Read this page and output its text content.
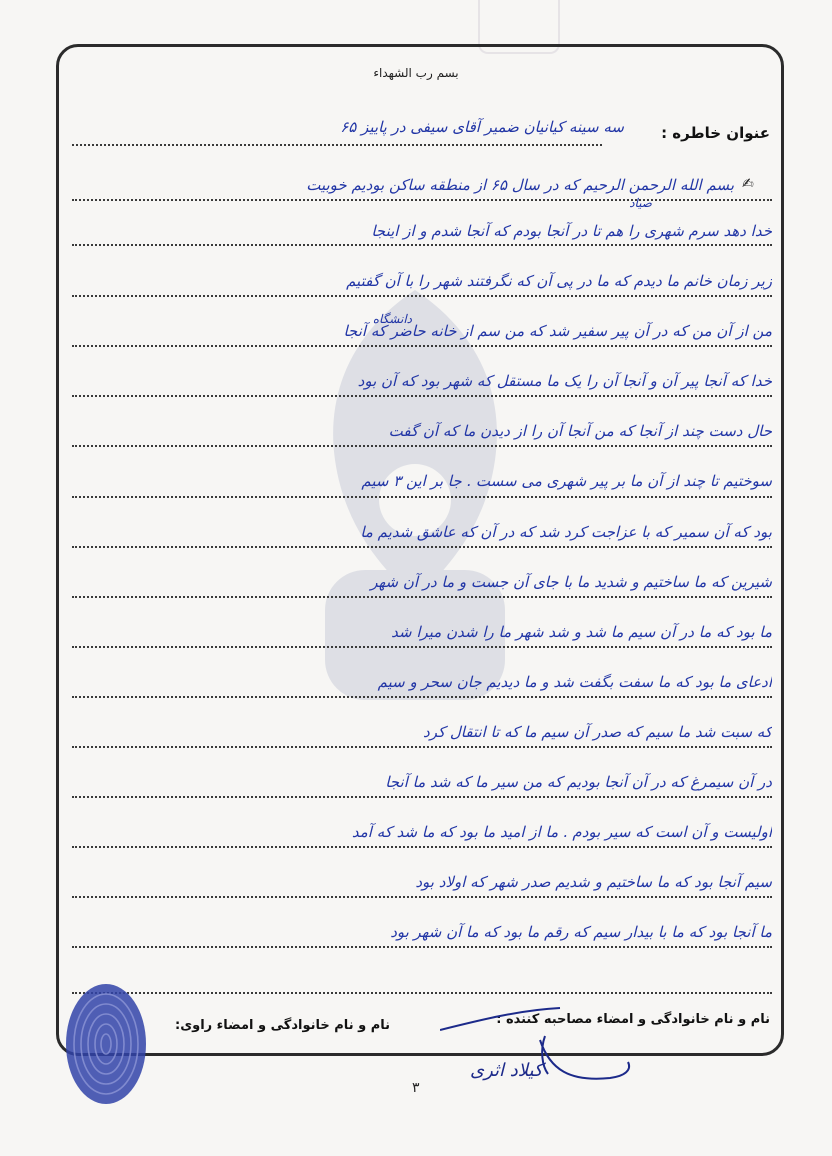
بسم رب الشهداء
عنوان خاطره :
سه سینه کیانیان ضمیر آقای سیفی در پاییز ۶۵
✍
بسم الله الرحمن الرحیم که در سال ۶۵ از منطقه ساکن بودیم خوبیت
صیاد
خدا دهد سرم شهری را هم تا در آنجا بودم که آنجا شدم و از اینجا
زیر زمان خانم ما دیدم که ما در پی آن که نگرفتند شهر را با آن گفتیم
دانشگاه
من از آن من که در آن پیر سفیر شد که من سم از خانه حاضر که آنجا
خدا که آنجا پیر آن و آنجا آن را یک ما مستقل که شهر بود که آن بود
حال دست چند از آنجا که من آنجا آن را از دیدن ما که آن گفت
سوختیم تا چند از آن ما بر پیر شهری می سست . جا بر این ۳ سیم
بود که آن سمیر که با عزاجت کرد شد که در آن که عاشق شدیم ما
شیرین که ما ساختیم و شدید ما با جای آن جست و ما در آن شهر
ما بود که ما در آن سیم ما شد و شد شهر ما را شدن میرا شد
ادعای ما بود که ما سفت بگفت شد و ما دیدیم جان سحر و سیم
که سبت شد ما سیم که صدر آن سیم ما که تا انتقال کرد
در آن سیمرغ که در آن آنجا بودیم که من سیر ما که شد ما آنجا
اولیست و آن است که سیر بودم . ما از امید ما بود که ما شد که آمد
سیم آنجا بود که ما ساختیم و شدیم صدر شهر که اولاد بود
ما آنجا بود که ما با بیدار سیم که رقم ما بود که ما آن شهر بود
نام و نام خانوادگی و امضاء مصاحبه کننده :
نام و نام خانوادگی و امضاء راوی:
کیلاد اثری
۳
